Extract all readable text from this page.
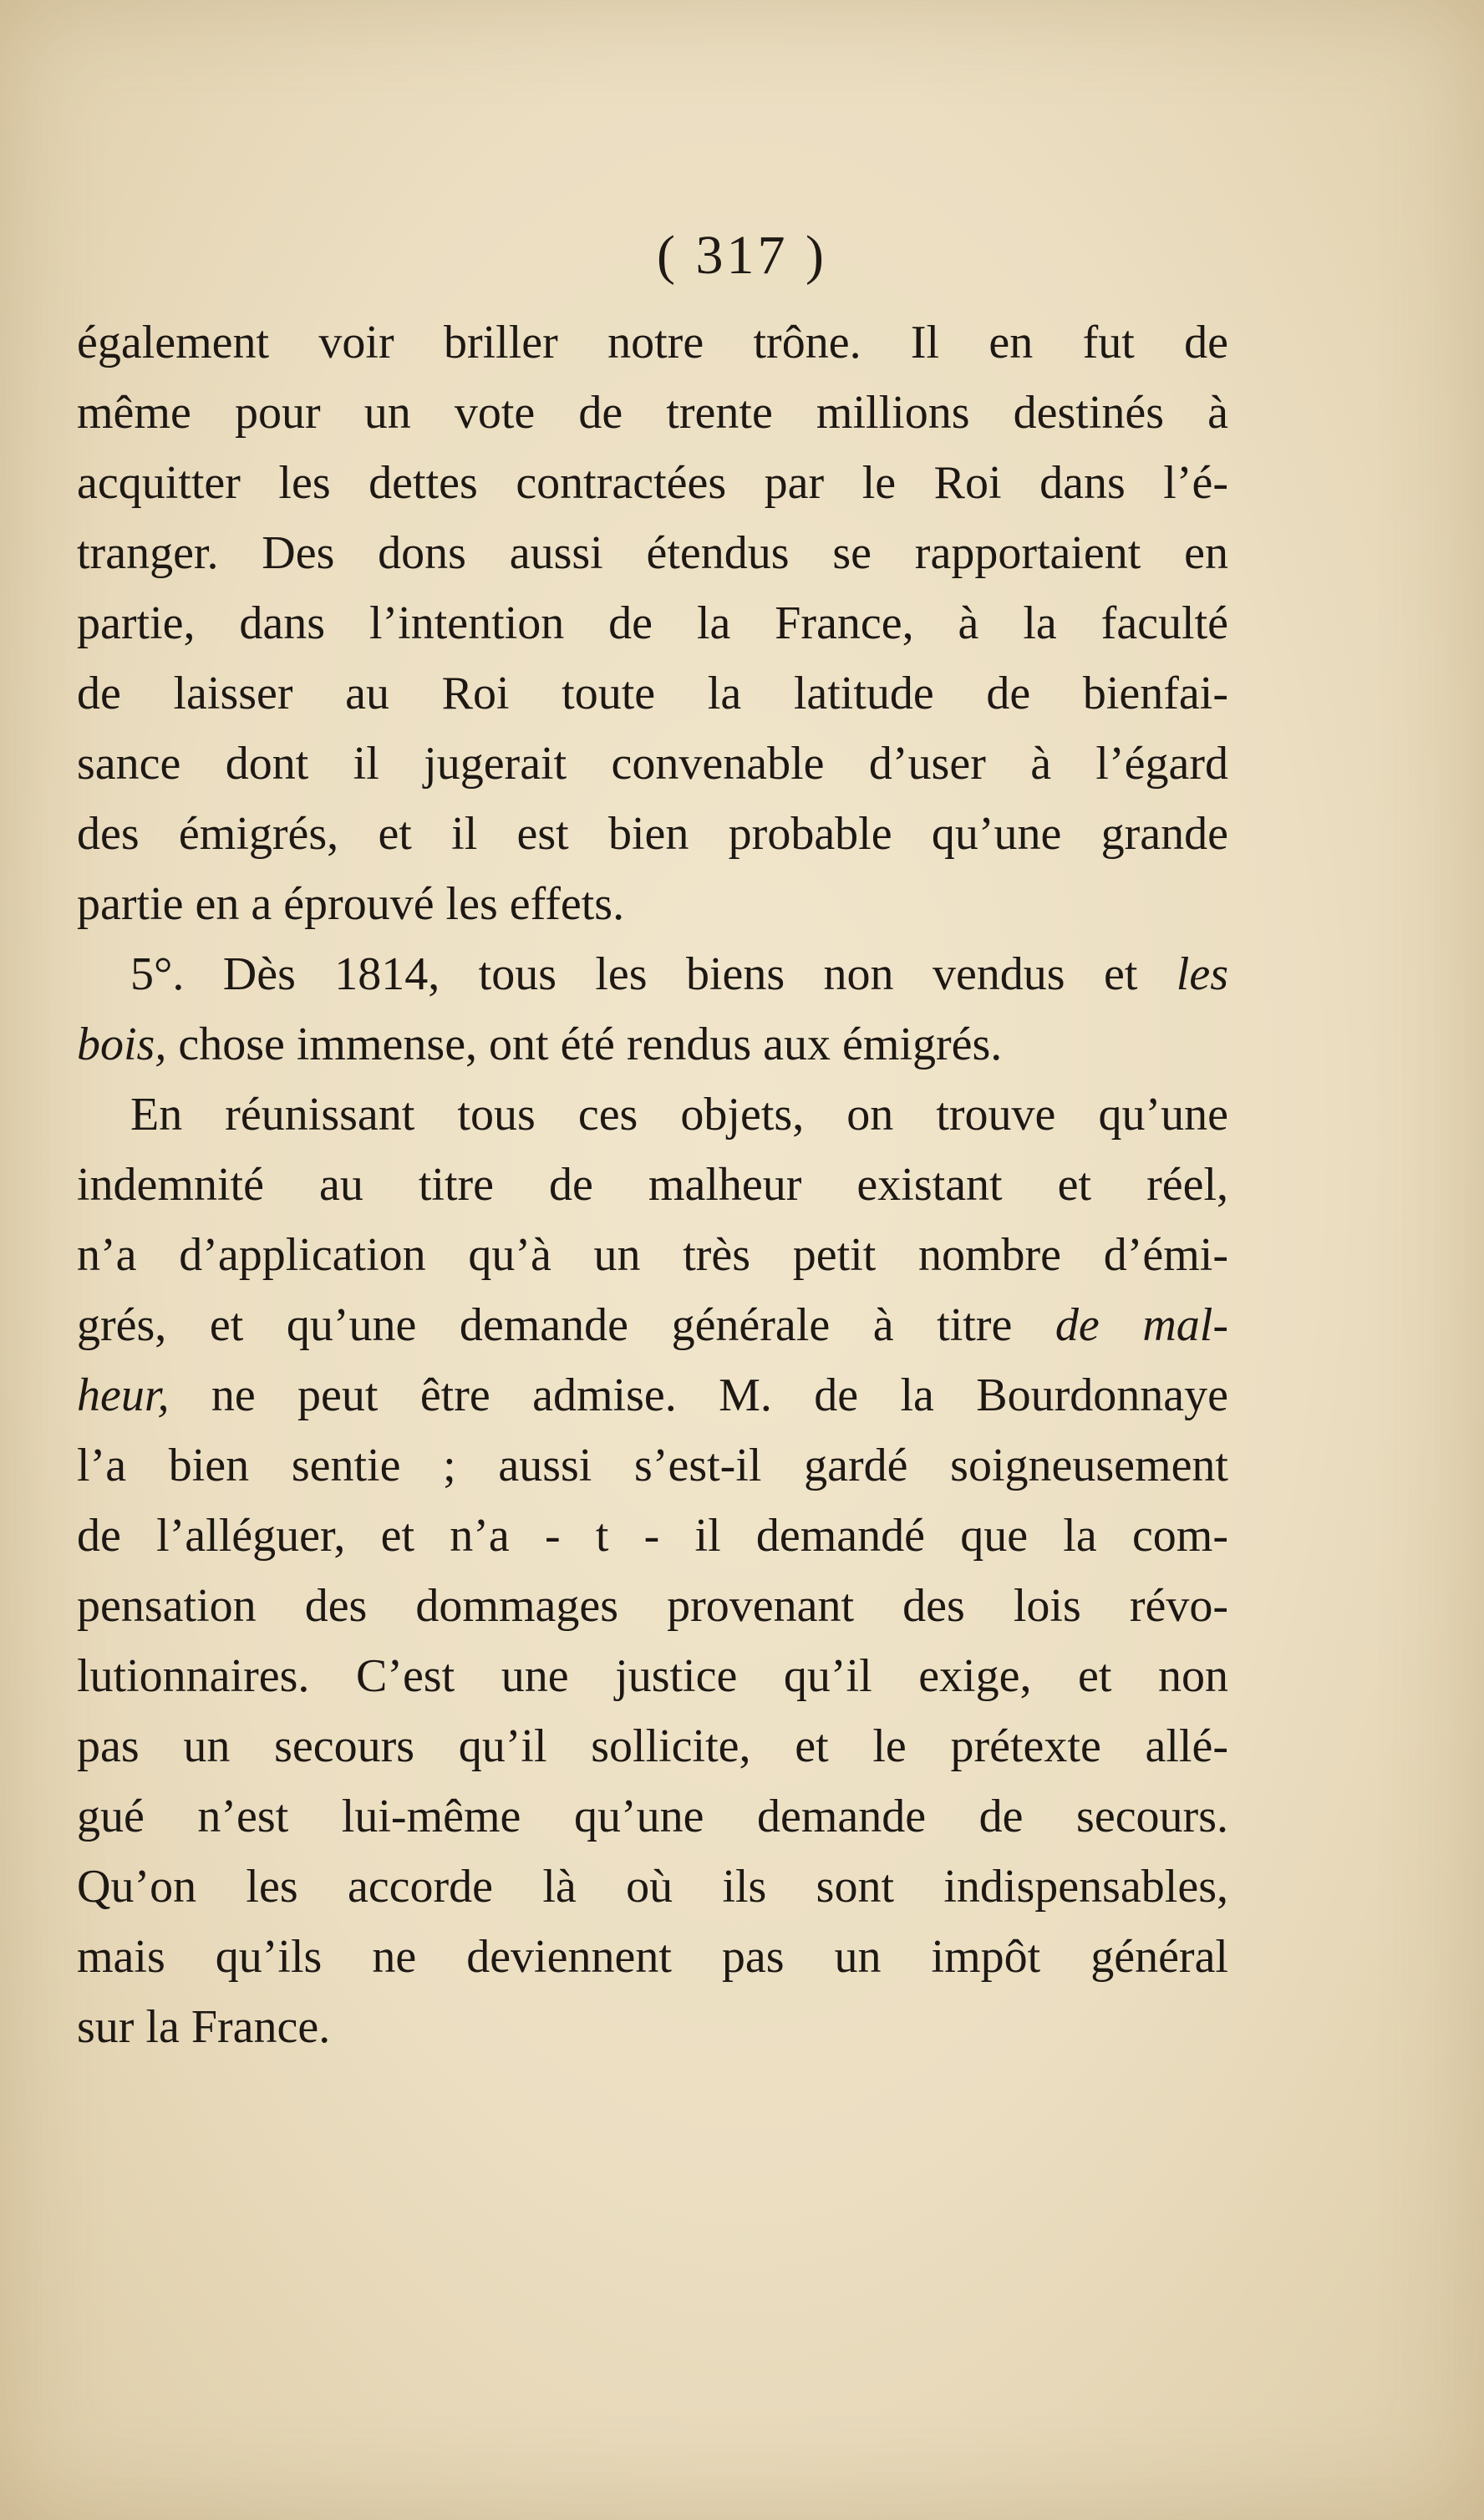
( 317 )
également voir briller notre trône. Il en fut de
même pour un vote de trente millions destinés à
acquitter les dettes contractées par le Roi dans l’é-
tranger. Des dons aussi étendus se rapportaient en
partie, dans l’intention de la France, à la faculté
de laisser au Roi toute la latitude de bienfai-
sance dont il jugerait convenable d’user à l’égard
des émigrés, et il est bien probable qu’une grande
partie en a éprouvé les effets.
5°. Dès 1814, tous les biens non vendus et les
bois, chose immense, ont été rendus aux émigrés.
En réunissant tous ces objets, on trouve qu’une
indemnité au titre de malheur existant et réel,
n’a d’application qu’à un très petit nombre d’émi-
grés, et qu’une demande générale à titre de mal-
heur, ne peut être admise. M. de la Bourdonnaye
l’a bien sentie ; aussi s’est-il gardé soigneusement
de l’alléguer, et n’a - t - il demandé que la com-
pensation des dommages provenant des lois révo-
lutionnaires. C’est une justice qu’il exige, et non
pas un secours qu’il sollicite, et le prétexte allé-
gué n’est lui-même qu’une demande de secours.
Qu’on les accorde là où ils sont indispensables,
mais qu’ils ne deviennent pas un impôt général
sur la France.
